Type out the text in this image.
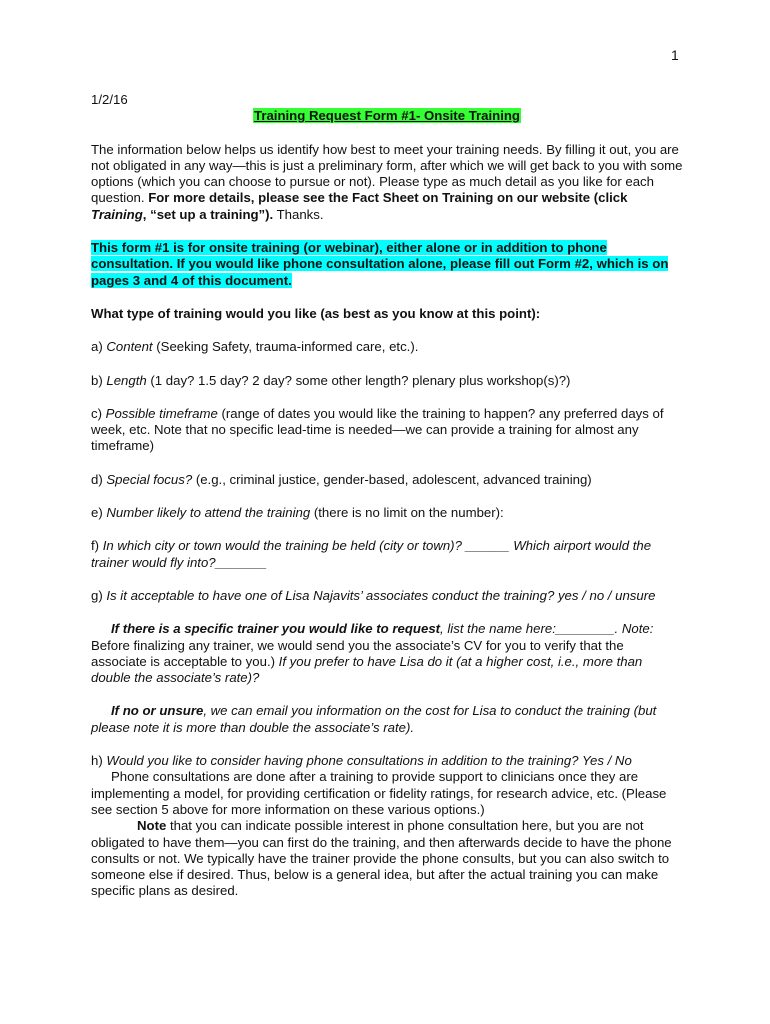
1

1/2/16

Training Request Form #1- Onsite Training

The information below helps us identify how best to meet your training needs. By filling it out, you are not obligated in any way—this is just a preliminary form, after which we will get back to you with some options (which you can choose to pursue or not). Please type as much detail as you like for each question. For more details, please see the Fact Sheet on Training on our website (click Training, “set up a training”). Thanks.

This form #1 is for onsite training (or webinar), either alone or in addition to phone consultation. If you would like phone consultation alone, please fill out Form #2, which is on pages 3 and 4 of this document.

What type of training would you like (as best as you know at this point):

a) Content (Seeking Safety, trauma-informed care, etc.).

b) Length (1 day? 1.5 day? 2 day? some other length? plenary plus workshop(s)?)

c) Possible timeframe (range of dates you would like the training to happen? any preferred days of week, etc. Note that no specific lead-time is needed—we can provide a training for almost any timeframe)

d) Special focus? (e.g., criminal justice, gender-based, adolescent, advanced training)

e) Number likely to attend the training (there is no limit on the number):

f) In which city or town would the training be held (city or town)? ______ Which airport would the trainer would fly into?_______

g) Is it acceptable to have one of Lisa Najavits’ associates conduct the training? yes / no / unsure

If there is a specific trainer you would like to request, list the name here:________. Note: Before finalizing any trainer, we would send you the associate’s CV for you to verify that the associate is acceptable to you.) If you prefer to have Lisa do it (at a higher cost, i.e., more than double the associate’s rate)?

If no or unsure, we can email you information on the cost for Lisa to conduct the training (but please note it is more than double the associate’s rate).

h) Would you like to consider having phone consultations in addition to the training? Yes / No

Phone consultations are done after a training to provide support to clinicians once they are implementing a model, for providing certification or fidelity ratings, for research advice, etc. (Please see section 5 above for more information on these various options.)

Note that you can indicate possible interest in phone consultation here, but you are not obligated to have them—you can first do the training, and then afterwards decide to have the phone consults or not. We typically have the trainer provide the phone consults, but you can also switch to someone else if desired. Thus, below is a general idea, but after the actual training you can make specific plans as desired.
